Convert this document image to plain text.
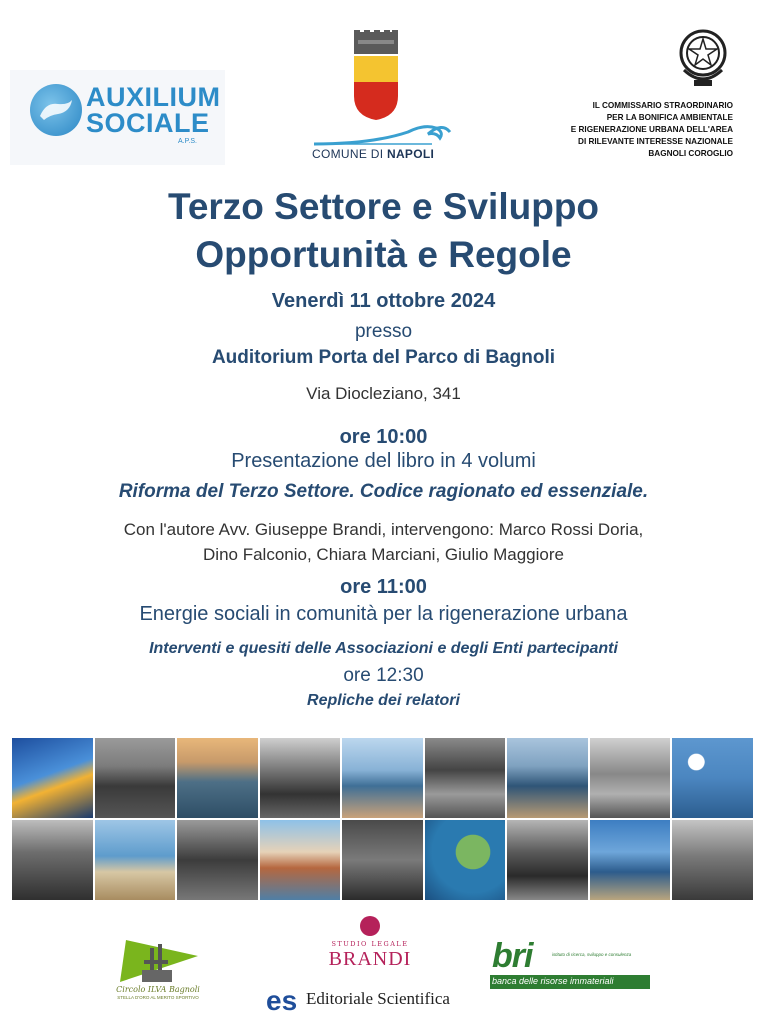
AUXILIUM
SOCIALE
A.P.S.
COMUNE DI NAPOLI
IL COMMISSARIO STRAORDINARIO
PER LA BONIFICA AMBIENTALE
E RIGENERAZIONE URBANA DELL'AREA
DI RILEVANTE INTERESSE NAZIONALE
BAGNOLI COROGLIO
Terzo Settore e Sviluppo
Opportunità e Regole
Venerdì 11 ottobre 2024
presso
Auditorium Porta del Parco di Bagnoli
Via Diocleziano, 341
ore 10:00
Presentazione del libro in 4 volumi
Riforma del Terzo Settore. Codice ragionato ed essenziale.
Con l'autore Avv. Giuseppe Brandi, intervengono: Marco Rossi Doria,
Dino Falconio, Chiara Marciani, Giulio Maggiore
ore 11:00
Energie sociali in comunità per la rigenerazione urbana
Interventi e quesiti delle Associazioni e degli Enti partecipanti
ore 12:30
Repliche dei relatori
Circolo ILVA Bagnoli
STELLA D'ORO AL MERITO SPORTIVO
STUDIO LEGALE
BRANDI
es Editoriale Scientifica
bri	istituto di ricerca, sviluppo e consulenza
banca delle risorse immateriali
